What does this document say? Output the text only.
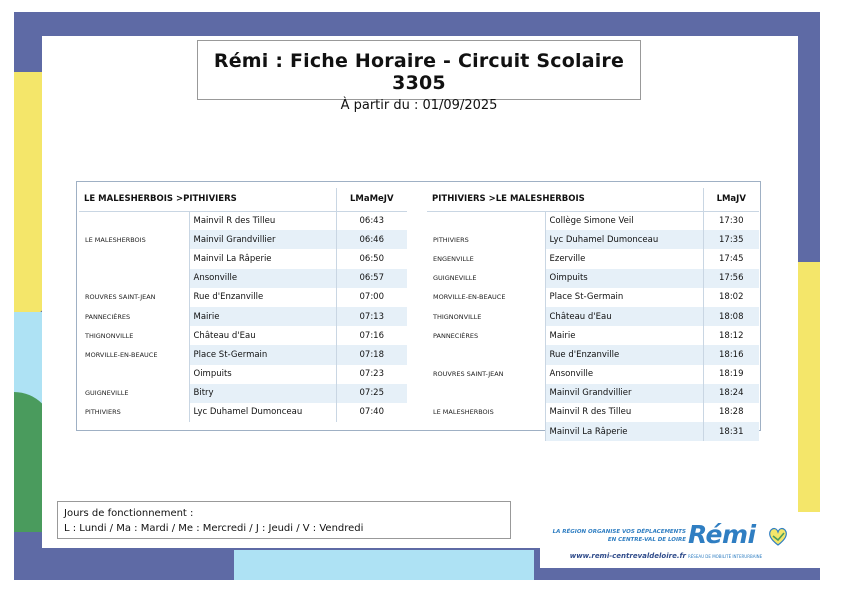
Rémi : Fiche Horaire - Circuit Scolaire 3305
À partir du : 01/09/2025
LE MALESHERBOIS >PITHIVIERS		LMaMeJV
	Mainvil R des Tilleu	06:43
LE MALESHERBOIS	Mainvil Grandvillier	06:46
	Mainvil La Râperie	06:50
	Ansonville	06:57
ROUVRES SAINT-JEAN	Rue d'Enzanville	07:00
PANNECIÈRES	Mairie	07:13
THIGNONVILLE	Château d'Eau	07:16
MORVILLE-EN-BEAUCE	Place St-Germain	07:18
	Oimpuits	07:23
GUIGNEVILLE	Bitry	07:25
PITHIVIERS	Lyc Duhamel Dumonceau	07:40
PITHIVIERS >LE MALESHERBOIS		LMaJV
	Collège Simone Veil	17:30
PITHIVIERS	Lyc Duhamel Dumonceau	17:35
ENGENVILLE	Ezerville	17:45
GUIGNEVILLE	Oimpuits	17:56
MORVILLE-EN-BEAUCE	Place St-Germain	18:02
THIGNONVILLE	Château d'Eau	18:08
PANNECIÈRES	Mairie	18:12
	Rue d'Enzanville	18:16
ROUVRES SAINT-JEAN	Ansonville	18:19
	Mainvil Grandvillier	18:24
LE MALESHERBOIS	Mainvil R des Tilleu	18:28
	Mainvil La Râperie	18:31
Jours de fonctionnement :
L : Lundi / Ma : Mardi / Me : Mercredi / J : Jeudi / V : Vendredi	LA RÉGION ORGANISE VOS DÉPLACEMENTS
EN CENTRE-VAL DE LOIRE
www.remi-centrevaldeloire.fr
Rémi
RÉSEAU DE MOBILITÉ INTERURBAINE
